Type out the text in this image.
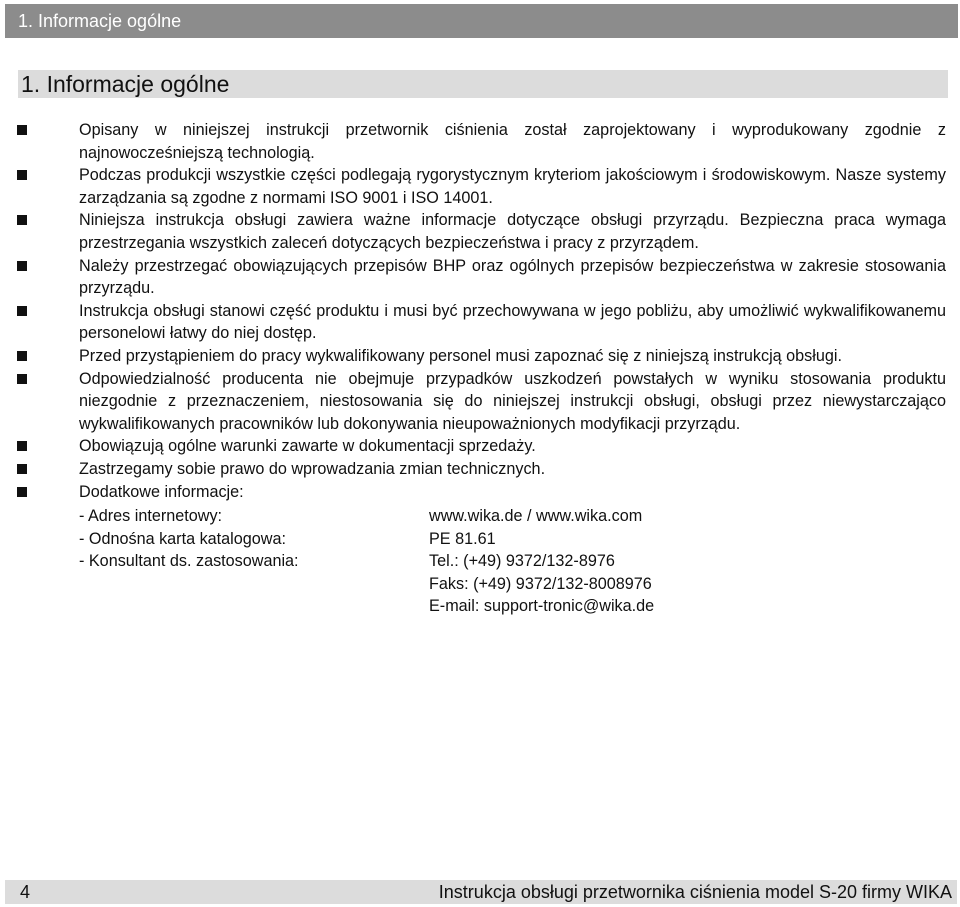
1. Informacje ogólne
1. Informacje ogólne
Opisany w niniejszej instrukcji przetwornik ciśnienia został zaprojektowany i wyprodukowany zgodnie z najnowocześniejszą technologią.
Podczas produkcji wszystkie części podlegają rygorystycznym kryteriom jakościowym i środowiskowym. Nasze systemy zarządzania są zgodne z normami ISO 9001 i ISO 14001.
Niniejsza instrukcja obsługi zawiera ważne informacje dotyczące obsługi przyrządu. Bezpieczna praca wymaga przestrzegania wszystkich zaleceń dotyczących bezpieczeństwa i pracy z przyrządem.
Należy przestrzegać obowiązujących przepisów BHP oraz ogólnych przepisów bezpieczeństwa w zakresie stosowania przyrządu.
Instrukcja obsługi stanowi część produktu i musi być przechowywana w jego pobliżu, aby umożliwić wykwalifikowanemu personelowi łatwy do niej dostęp.
Przed przystąpieniem do pracy wykwalifikowany personel musi zapoznać się z niniejszą instrukcją obsługi.
Odpowiedzialność producenta nie obejmuje przypadków uszkodzeń powstałych w wyniku stosowania produktu niezgodnie z przeznaczeniem, niestosowania się do niniejszej instrukcji obsługi, obsługi przez niewystarczająco wykwalifikowanych pracowników lub dokonywania nieupoważnionych modyfikacji przyrządu.
Obowiązują ogólne warunki zawarte w dokumentacji sprzedaży.
Zastrzegamy sobie prawo do wprowadzania zmian technicznych.
Dodatkowe informacje:
- Adres internetowy:	www.wika.de / www.wika.com
- Odnośna karta katalogowa:	PE 81.61
- Konsultant ds. zastosowania:	Tel.: (+49) 9372/132-8976
Faks: (+49) 9372/132-8008976
E-mail: support-tronic@wika.de
4	Instrukcja obsługi przetwornika ciśnienia model S-20 firmy WIKA
